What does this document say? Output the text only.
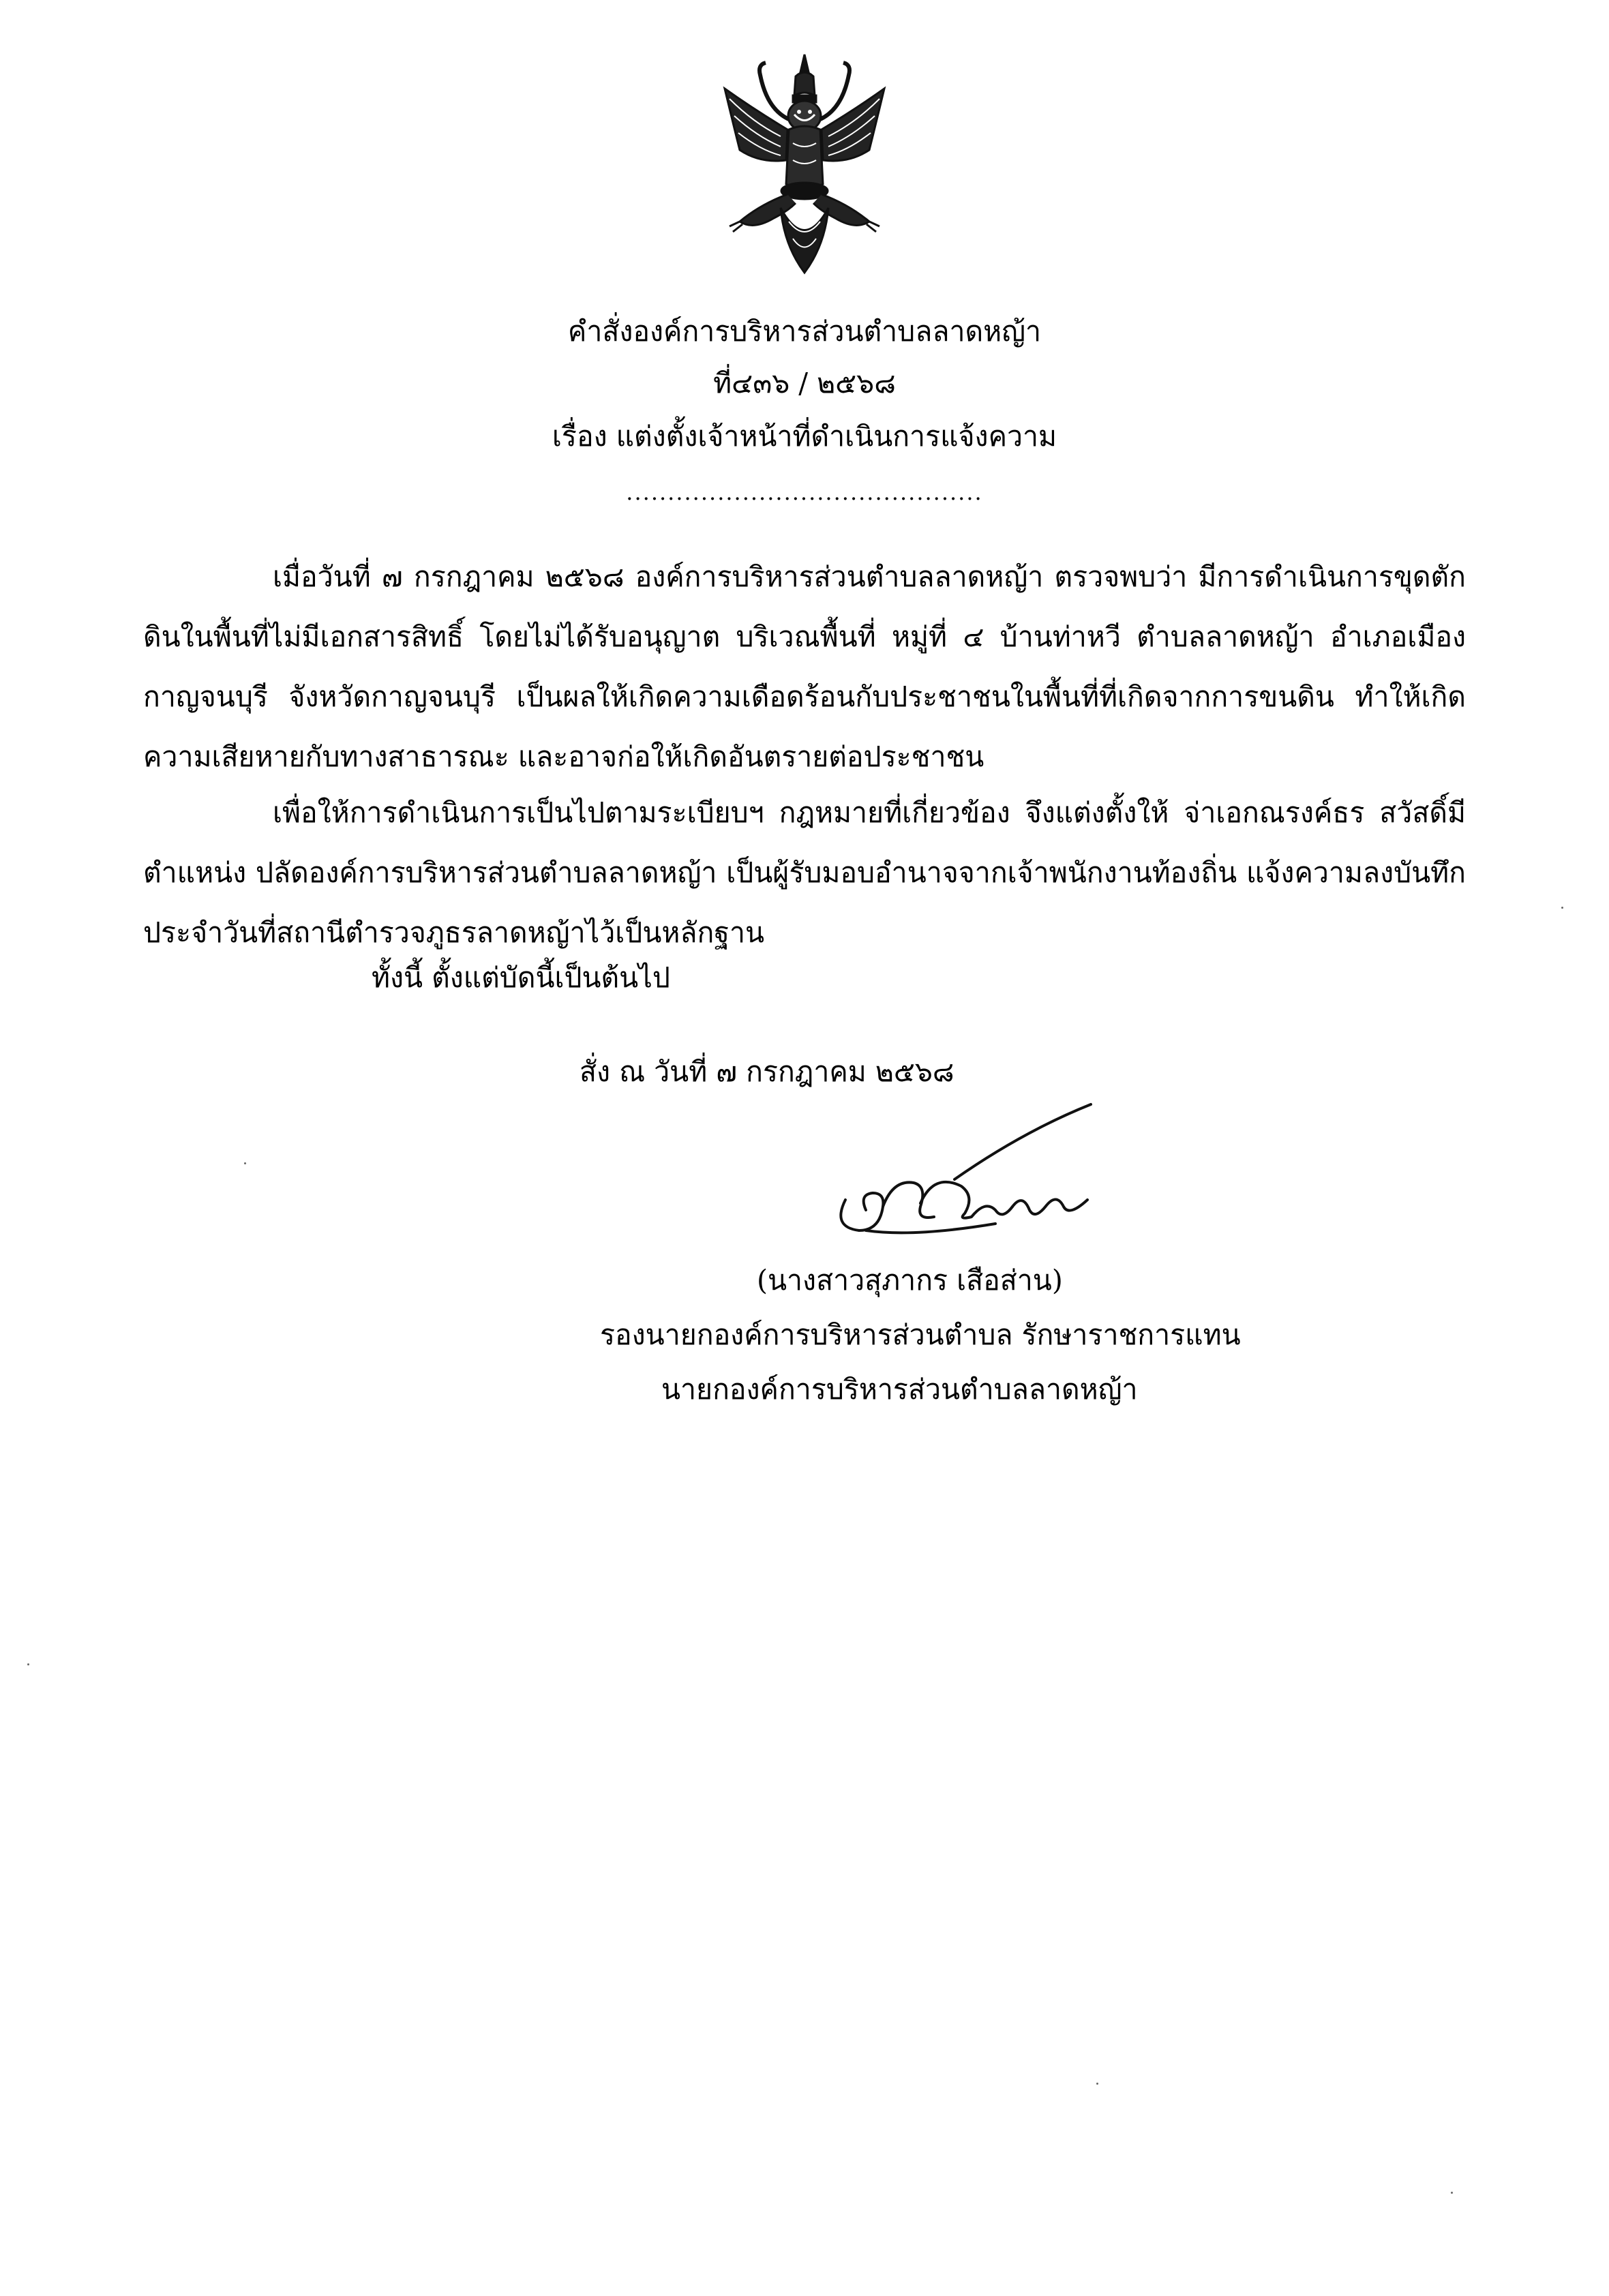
คำสั่งองค์การบริหารส่วนตำบลลาดหญ้า
ที่๔๓๖ / ๒๕๖๘
เรื่อง แต่งตั้งเจ้าหน้าที่ดำเนินการแจ้งความ
...........................................

เมื่อวันที่ ๗ กรกฎาคม ๒๕๖๘ องค์การบริหารส่วนตำบลลาดหญ้า ตรวจพบว่า มีการดำเนินการขุดตักดินในพื้นที่ไม่มีเอกสารสิทธิ์ โดยไม่ได้รับอนุญาต บริเวณพื้นที่ หมู่ที่ ๔ บ้านท่าหวี ตำบลลาดหญ้า อำเภอเมืองกาญจนบุรี จังหวัดกาญจนบุรี เป็นผลให้เกิดความเดือดร้อนกับประชาชนในพื้นที่ที่เกิดจากการขนดิน ทำให้เกิดความเสียหายกับทางสาธารณะ และอาจก่อให้เกิดอันตรายต่อประชาชน

เพื่อให้การดำเนินการเป็นไปตามระเบียบฯ กฎหมายที่เกี่ยวข้อง จึงแต่งตั้งให้ จ่าเอกณรงค์ธร สวัสดิ์มี ตำแหน่ง ปลัดองค์การบริหารส่วนตำบลลาดหญ้า เป็นผู้รับมอบอำนาจจากเจ้าพนักงานท้องถิ่น แจ้งความลงบันทึกประจำวันที่สถานีตำรวจภูธรลาดหญ้าไว้เป็นหลักฐาน

ทั้งนี้ ตั้งแต่บัดนี้เป็นต้นไป
สั่ง ณ วันที่ ๗ กรกฎาคม ๒๕๖๘
(นางสาวสุภากร เสือส่าน)
รองนายกองค์การบริหารส่วนตำบล รักษาราชการแทน
นายกองค์การบริหารส่วนตำบลลาดหญ้า
